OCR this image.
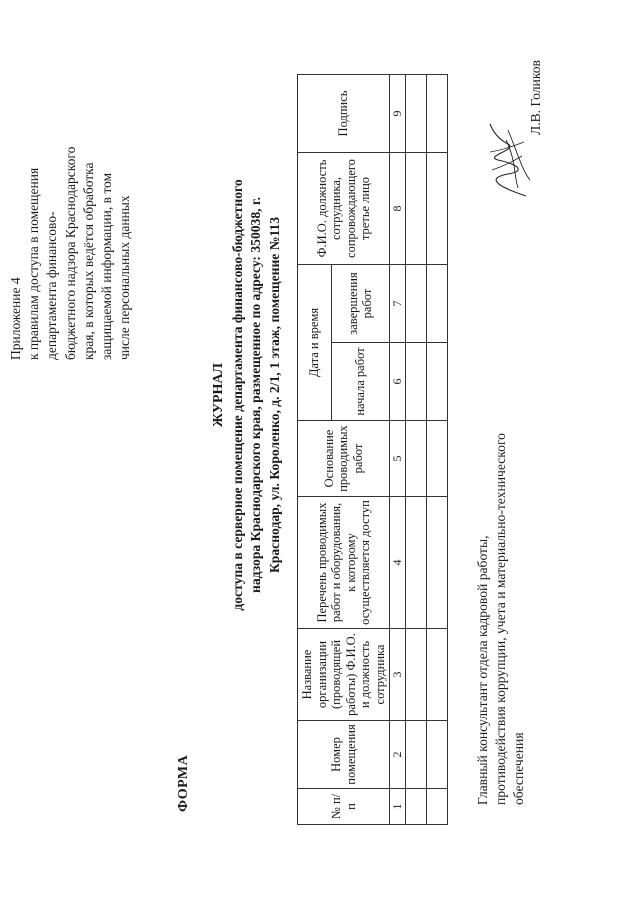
Приложение 4 к правилам доступа в помещения департамента финансово- бюджетного надзора Краснодарского края, в которых ведётся обработка защищаемой информации, в том числе персональных данных
ФОРМА
ЖУРНАЛ доступа в серверное помещение департамента финансово-бюджетного надзора Краснодарского края, размещенное по адресу: 350038, г. Краснодар, ул. Короленко, д. 2/1, 1 этаж, помещение №113
№ п/п	Номер помещения	Название организации (проводящей работы) Ф.И.О. и должность сотрудника	Перечень проводимых работ и оборудования, к которому осуществляется доступ	Основание проводимых работ	Дата и время		Ф.И.О. должность сотрудника, сопровождающего третье лицо	Подпись
					начала работ	завершения работ		
1	2	3	4	5	6	7	8	9

Главный консультант отдела кадровой работы, противодействия коррупции, учета и материально-технического обеспечения
Л.В. Голиков
